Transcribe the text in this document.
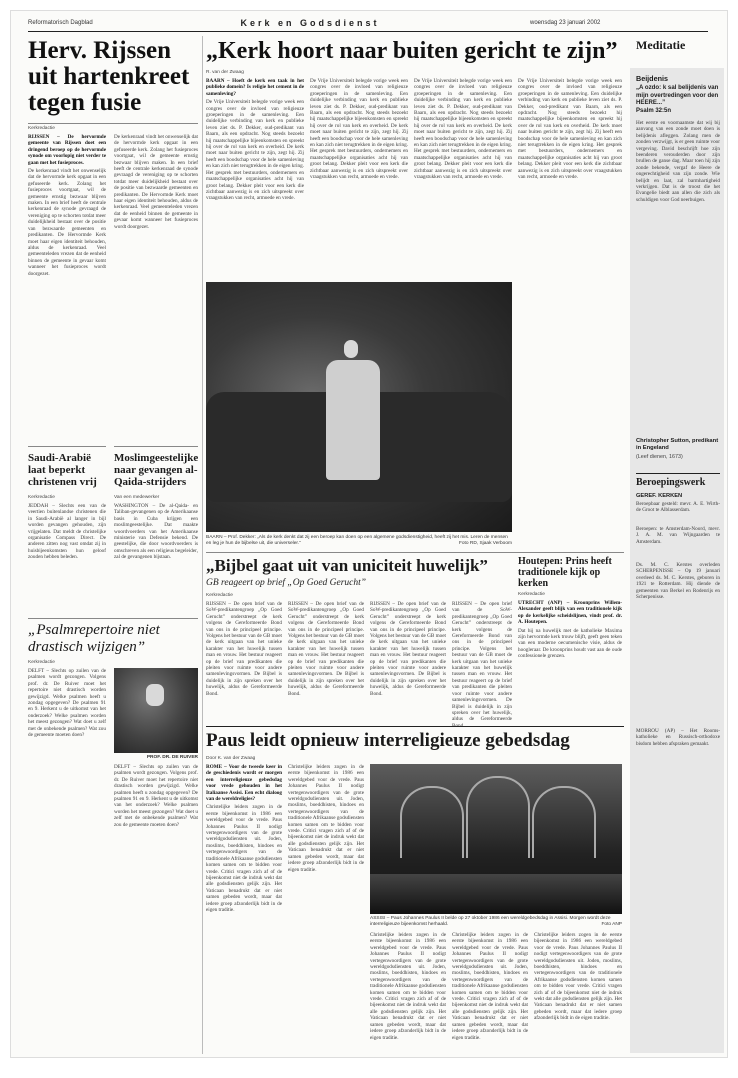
Reformatorisch Dagblad	Kerk en Godsdienst	woensdag 23 januari 2002
Herv. Rijssen uit hartenkreet tegen fusie
Kerkredactie

RIJSSEN – De hervormde gemeente van Rijssen doet een dringend beroep op de hervormde synode om voorlopig niet verder te gaan met het fusieproces.

De kerkenraad vindt het onwenselijk dat de hervormde kerk opgaat in een gefuseerde kerk. Zolang het fusieproces voortgaat, wil de gemeente ernstig bezwaar blijven maken. In een brief heeft de centrale kerkenraad de synode gevraagd de vereniging op te schorten totdat meer duidelijkheid bestaat over de positie van bezwaarde gemeenten en predikanten. De Hervormde Kerk moet haar eigen identiteit behouden, aldus de kerkenraad. Veel gemeenteleden vrezen dat de eenheid binnen de gemeente in gevaar komt wanneer het fusieproces wordt doorgezet.

De kerkenraad vindt het onwenselijk dat de hervormde kerk opgaat in een gefuseerde kerk. Zolang het fusieproces voortgaat, wil de gemeente ernstig bezwaar blijven maken. In een brief heeft de centrale kerkenraad de synode gevraagd de vereniging op te schorten totdat meer duidelijkheid bestaat over de positie van bezwaarde gemeenten en predikanten. De Hervormde Kerk moet haar eigen identiteit behouden, aldus de kerkenraad. Veel gemeenteleden vrezen dat de eenheid binnen de gemeente in gevaar komt wanneer het fusieproces wordt doorgezet.

Saudi-Arabië laat beperkt christenen vrij
Kerkredactie
JEDDAH – Slechts een van de veertien buitenlandse christenen die in Saudi-Arabië al langer in bijl worden gevangen gehouden, zijn vrijgelaten. Dat meldt de christelijke organisatie Compass Direct. De anderen zitten nog vast omdat zij in huisbijeenkomsten hun geloof zouden hebben beleden.
Moslimgeestelijke naar gevangen al-Qaida-strijders
Van een medewerker
WASHINGTON – De al-Qaida- en Taliban-gevangenen op de Amerikaanse basis in Cuba krijgen een moslimgeestelijke. Dat maakte woordvoerders van het Amerikaanse ministerie van Defensie bekend. De geestelijke, die door woordvoerders is omschreven als een religieus begeleider, zal de gevangenen bijstaan.
„Kerk hoort naar buiten gericht te zijn”
R. van der Zwaag

BAARN – Hoeft de kerk een taak in het publieke domein? Is religie het cement in de samenleving?

De Vrije Universiteit belegde vorige week een congres over de invloed van religieuze groeperingen in de samenleving. Een duidelijke verbinding van kerk en publieke leven ziet ds. P. Dekker, oud-predikant van Baarn, als een opdracht. Nog steeds bezoekt hij maatschappelijke bijeenkomsten en spreekt hij over de rol van kerk en overheid. De kerk moet naar buiten gericht te zijn, zegt hij. Zij heeft een boodschap voor de hele samenleving en kan zich niet terugtrekken in de eigen kring. Het gesprek met bestuurders, ondernemers en maatschappelijke organisaties acht hij van groot belang. Dekker pleit voor een kerk die zichtbaar aanwezig is en zich uitspreekt over vraagstukken van recht, armoede en vrede.

De Vrije Universiteit belegde vorige week een congres over de invloed van religieuze groeperingen in de samenleving. Een duidelijke verbinding van kerk en publieke leven ziet ds. P. Dekker, oud-predikant van Baarn, als een opdracht. Nog steeds bezoekt hij maatschappelijke bijeenkomsten en spreekt hij over de rol van kerk en overheid. De kerk moet naar buiten gericht te zijn, zegt hij. Zij heeft een boodschap voor de hele samenleving en kan zich niet terugtrekken in de eigen kring. Het gesprek met bestuurders, ondernemers en maatschappelijke organisaties acht hij van groot belang. Dekker pleit voor een kerk die zichtbaar aanwezig is en zich uitspreekt over vraagstukken van recht, armoede en vrede.
De Vrije Universiteit belegde vorige week een congres over de invloed van religieuze groeperingen in de samenleving. Een duidelijke verbinding van kerk en publieke leven ziet ds. P. Dekker, oud-predikant van Baarn, als een opdracht. Nog steeds bezoekt hij maatschappelijke bijeenkomsten en spreekt hij over de rol van kerk en overheid. De kerk moet naar buiten gericht te zijn, zegt hij. Zij heeft een boodschap voor de hele samenleving en kan zich niet terugtrekken in de eigen kring. Het gesprek met bestuurders, ondernemers en maatschappelijke organisaties acht hij van groot belang. Dekker pleit voor een kerk die zichtbaar aanwezig is en zich uitspreekt over vraagstukken van recht, armoede en vrede.
De Vrije Universiteit belegde vorige week een congres over de invloed van religieuze groeperingen in de samenleving. Een duidelijke verbinding van kerk en publieke leven ziet ds. P. Dekker, oud-predikant van Baarn, als een opdracht. Nog steeds bezoekt hij maatschappelijke bijeenkomsten en spreekt hij over de rol van kerk en overheid. De kerk moet naar buiten gericht te zijn, zegt hij. Zij heeft een boodschap voor de hele samenleving en kan zich niet terugtrekken in de eigen kring. Het gesprek met bestuurders, ondernemers en maatschappelijke organisaties acht hij van groot belang. Dekker pleit voor een kerk die zichtbaar aanwezig is en zich uitspreekt over vraagstukken van recht, armoede en vrede.
BAARN – Prof. Dekker: „Als de kerk denkt dat zij een beroep kan doen op een algemene godsdienstigheid, heeft zij het mis. Leren de mensen en leg je hun de bijbelse uit, die universeler.”	Foto RD, Sjaak Verboom
„Bijbel gaat uit van uniciteit huwelijk”
GB reageert op brief „Op Goed Gerucht”
Kerkredactie
RIJSSEN – De open brief van de SoW-predikantengroep „Op Goed Gerucht” onderstreept de kerk volgens de Gereformeerde Bond van ons in de principeel principe. Volgens het bestuur van de GB moet de kerk uitgaan van het unieke karakter van het huwelijk tussen man en vrouw. Het bestuur reageert op de brief van predikanten die pleiten voor ruimte voor andere samenlevingsvormen. De Bijbel is duidelijk in zijn spreken over het huwelijk, aldus de Gereformeerde Bond.
RIJSSEN – De open brief van de SoW-predikantengroep „Op Goed Gerucht” onderstreept de kerk volgens de Gereformeerde Bond van ons in de principeel principe. Volgens het bestuur van de GB moet de kerk uitgaan van het unieke karakter van het huwelijk tussen man en vrouw. Het bestuur reageert op de brief van predikanten die pleiten voor ruimte voor andere samenlevingsvormen. De Bijbel is duidelijk in zijn spreken over het huwelijk, aldus de Gereformeerde Bond.
RIJSSEN – De open brief van de SoW-predikantengroep „Op Goed Gerucht” onderstreept de kerk volgens de Gereformeerde Bond van ons in de principeel principe. Volgens het bestuur van de GB moet de kerk uitgaan van het unieke karakter van het huwelijk tussen man en vrouw. Het bestuur reageert op de brief van predikanten die pleiten voor ruimte voor andere samenlevingsvormen. De Bijbel is duidelijk in zijn spreken over het huwelijk, aldus de Gereformeerde Bond.
RIJSSEN – De open brief van de SoW-predikantengroep „Op Goed Gerucht” onderstreept de kerk volgens de Gereformeerde Bond van ons in de principeel principe. Volgens het bestuur van de GB moet de kerk uitgaan van het unieke karakter van het huwelijk tussen man en vrouw. Het bestuur reageert op de brief van predikanten die pleiten voor ruimte voor andere samenlevingsvormen. De Bijbel is duidelijk in zijn spreken over het huwelijk, aldus de Gereformeerde
Houtepen: Prins heeft traditionele kijk op kerken
Kerkredactie

UTRECHT (ANP) – Kroonprins Willem-Alexander geeft blijk van een traditionele kijk op de kerkelijke scheidslijnen, vindt prof. dr. A. Houtepen.

Dat hij na huwelijk met de katholieke Maxima zijn hervormde kerk trouw blijft, geeft geen teken van een moderne oecumenische visie, aldus de hoogleraar. De kroonprins houdt vast aan de oude confessionele grenzen.

„Psalmrepertoire niet drastisch wijzigen”
Kerkredactie
DELFT – Slechts op zuilen van de psalmen wordt gezongen. Volgens prof. dr. De Ruiver moet het repertoire niet drastisch worden gewijzigd. Welke psalmen heeft u zondag opgegeven? De psalmen 91 en 9. Herkent u de uitkomst van het onderzoek? Welke psalmen worden het meest gezongen? Wat doet u zelf met de onbekende psalmen? Wat zou de gemeente moeten doen?
PROF. DR. DE RUIVER
DELFT – Slechts op zuilen van de psalmen wordt gezongen. Volgens prof. dr. De Ruiver moet het repertoire niet drastisch worden gewijzigd. Welke psalmen heeft u zondag opgegeven? De psalmen 91 en 9. Herkent u de uitkomst van het onderzoek? Welke psalmen worden het meest gezongen? Wat doet u zelf met de onbekende psalmen? Wat zou de gemeente moeten doen?
Paus leidt opnieuw interreligieuze gebedsdag
Door K. van der Zwaag

ROME – Voor de tweede keer in de geschiedenis wordt er morgen een interreligieuze gebedsdag voor vrede gehouden in het Italiaanse Assisi. Een echt dialoog van de wereldreligies?

Christelijke leiders zogen in de eerste bijeenkomst in 1986 een wereldgebed voor de vrede. Paus Johannes Paulus II nodigt vertegenwoordigers van de grote wereldgodsdiensten uit. Joden, moslims, boeddhisten, hindoes en vertegenwoordigers van de traditionele Afrikaanse godsdiensten komen samen om te bidden voor vrede. Critici vragen zich af of de bijeenkomst niet de indruk wekt dat alle godsdiensten gelijk zijn. Het Vaticaan benadrukt dat er niet samen gebeden wordt, maar dat iedere groep afzonderlijk bidt in de eigen traditie.

Christelijke leiders zogen in de eerste bijeenkomst in 1986 een wereldgebed voor de vrede. Paus Johannes Paulus II nodigt vertegenwoordigers van de grote wereldgodsdiensten uit. Joden, moslims, boeddhisten, hindoes en vertegenwoordigers van de traditionele Afrikaanse godsdiensten komen samen om te bidden voor vrede. Critici vragen zich af of de bijeenkomst niet de indruk wekt dat alle godsdiensten gelijk zijn. Het Vaticaan benadrukt dat er niet samen gebeden wordt, maar dat iedere groep afzonderlijk bidt in de eigen traditie.
ASSISI – Paus Johannes Paulus II belde op 27 oktober 1986 een wereldgebedsdag in Assisi. Morgen wordt deze interreligieuze bijeenkomst herhaald.	Foto ANP
Christelijke leiders zogen in de eerste bijeenkomst in 1986 een wereldgebed voor de vrede. Paus Johannes Paulus II nodigt vertegenwoordigers van de grote wereldgodsdiensten uit. Joden, moslims, boeddhisten, hindoes en vertegenwoordigers van de traditionele Afrikaanse godsdiensten komen samen om te bidden voor vrede. Critici vragen zich af of de bijeenkomst niet de indruk wekt dat alle godsdiensten gelijk zijn. Het Vaticaan benadrukt dat er niet samen gebeden wordt, maar dat iedere groep afzonderlijk bidt in de eigen traditie.
Christelijke leiders zogen in de eerste bijeenkomst in 1986 een wereldgebed voor de vrede. Paus Johannes Paulus II nodigt vertegenwoordigers van de grote wereldgodsdiensten uit. Joden, moslims, boeddhisten, hindoes en vertegenwoordigers van de traditionele Afrikaanse godsdiensten komen samen om te bidden voor vrede. Critici vragen zich af of de bijeenkomst niet de indruk wekt dat alle godsdiensten gelijk zijn. Het Vaticaan benadrukt dat er niet samen gebeden wordt, maar dat iedere groep afzonderlijk bidt in de eigen traditie.
Christelijke leiders zogen in de eerste bijeenkomst in 1986 een wereldgebed voor de vrede. Paus Johannes Paulus II nodigt vertegenwoordigers van de grote wereldgodsdiensten uit. Joden, moslims, boeddhisten, hindoes en vertegenwoordigers van de traditionele Afrikaanse godsdiensten komen samen om te bidden voor vrede. Critici vragen zich af of de bijeenkomst niet de indruk wekt dat alle godsdiensten gelijk zijn. Het Vaticaan benadrukt dat er niet samen gebeden wordt, maar dat iedere groep afzonderlijk bidt in de eigen traditie.
Meditatie
Beijdenis
„A ozdo: k sal belijdenis van mijn overtredingen voor den HEERE...”
Psalm 32:5n
Het eerste en voornaamste dat wij bij aanvang van een zonde moet doen is belijdenis afleggen. Zolang men de zonden verzwijgt, is er geen ruimte voor vergeving. David beschrijft hoe zijn beenderen verouderden door zijn brullen de ganse dag. Maar toen hij zijn zonde bekende, vergaf de Heere de ongerechtigheid van zijn zonde. Wie belijdt en laat, zal barmhartigheid verkrijgen. Dat is de troost die het Evangelie biedt aan allen die zich als schuldigen voor God neerbuigen.
Christopher Sutton, predikant in Engeland
(Leef dienen, 1673)
Beroepingswerk
GEREF. KERKEN
Beroepbaar gesteld: mevr. A. E. Wirth-de Groot te Alblasserdam.
Beroepen: te Amsterdam-Noord, mevr. J. A. M. van Wijngaarden te Amsterdam.
Ds. M. C. Kerstes overleden SCHERPENISSE – Op 19 januari overleed ds. M. C. Kerstes, geboren in 1921 te Rotterdam. Hij diende de gemeenten van Berkel en Rodenrijs en Scherpenisse.
MORROU (AP) – Het Rooms-katholieke en Russisch-orthodoxe bisdom hebben afspraken gemaakt.
